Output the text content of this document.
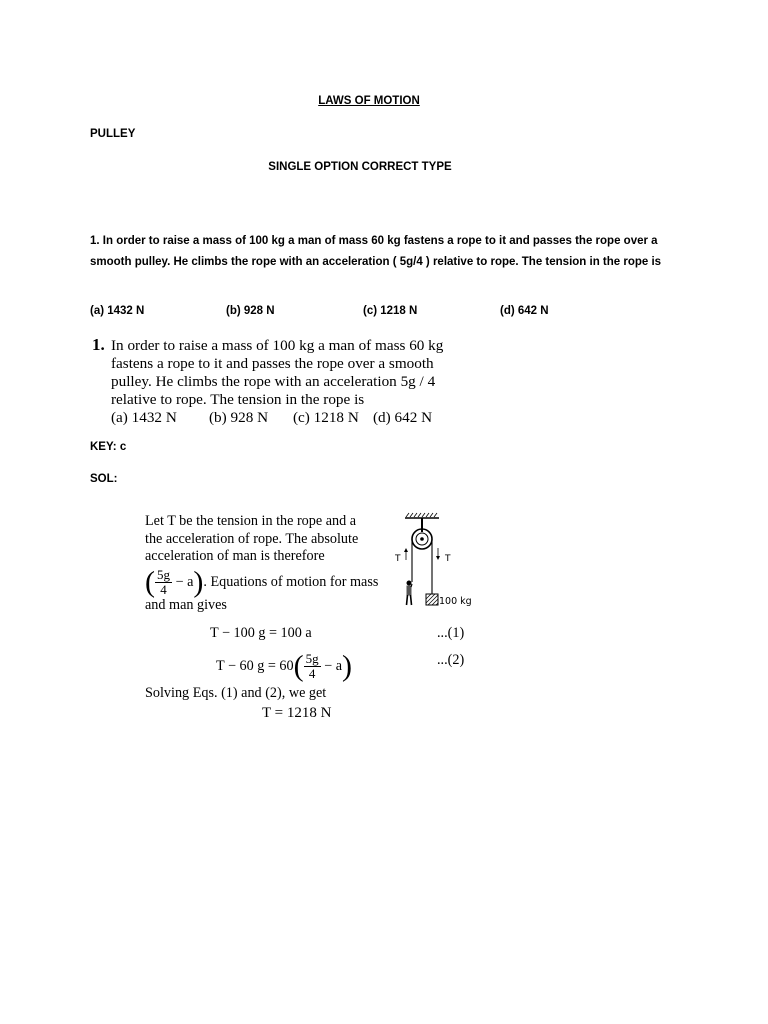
LAWS OF MOTION
PULLEY
SINGLE OPTION CORRECT TYPE
1. In order to raise a mass of 100 kg a man of mass 60 kg fastens a rope to it and passes the rope over a smooth pulley. He climbs the rope with an acceleration ( 5g/4 ) relative to rope. The tension in the rope is
(a) 1432 N	(b) 928 N	(c) 1218 N	(d) 642 N
1. In order to raise a mass of 100 kg a man of mass 60 kg
fastens a rope to it and passes the rope over a smooth
pulley. He climbs the rope with an acceleration 5g / 4
relative to rope. The tension in the rope is
(a) 1432 N (b) 928 N (c) 1218 N (d) 642 N
KEY: c
SOL:
Let T be the tension in the rope and a
the acceleration of rope. The absolute
acceleration of man is therefore
( $\frac{5g}{4} - a$). Equations of motion for mass
and man gives
T − 100 g = 100 a	...(1)
T − 60 $g = 60( \frac{5g}{4} - a)$	...(2)
Solving Eqs. (1) and (2), we get
T = 1218 N
T	T
100 kg
